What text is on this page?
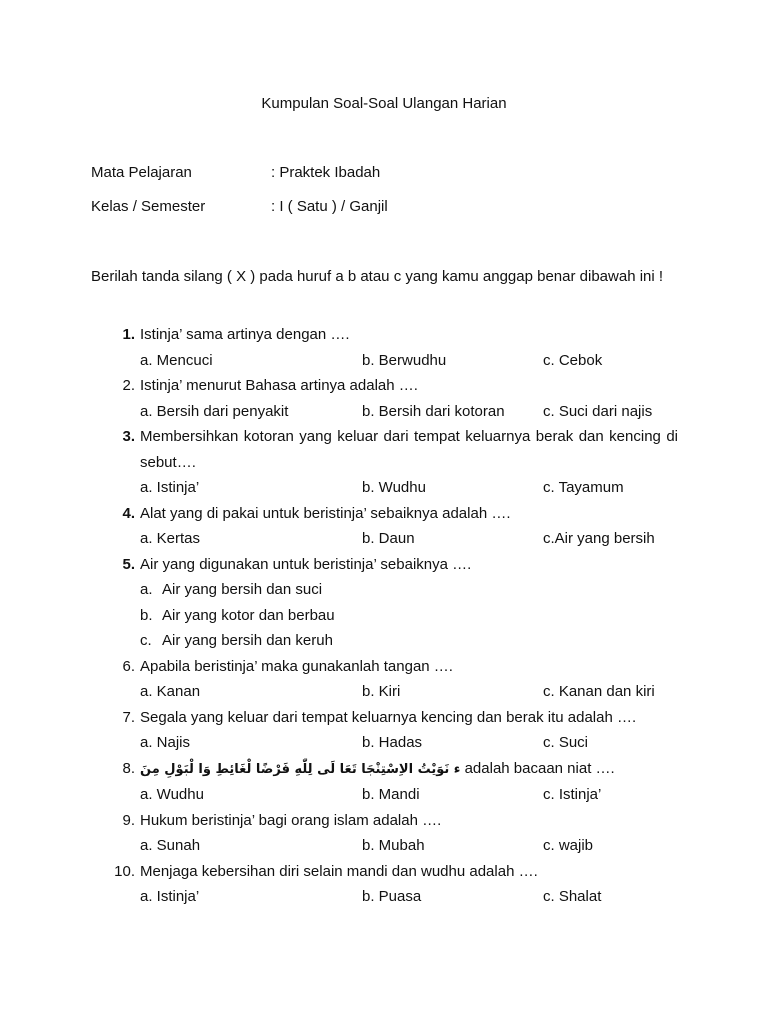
Kumpulan Soal-Soal Ulangan Harian
Mata Pelajaran	: Praktek Ibadah
Kelas / Semester	: I ( Satu ) / Ganjil
Berilah tanda silang ( X ) pada huruf a b atau c yang kamu anggap benar dibawah ini !
1. Istinja’ sama artinya dengan ….
a. Mencuci	b. Berwudhu	c. Cebok
2. Istinja’ menurut Bahasa artinya adalah ….
a. Bersih dari penyakit	b. Bersih dari kotoran	c. Suci dari najis
3. Membersihkan kotoran yang keluar dari tempat keluarnya berak dan kencing di sebut….
a. Istinja’	b. Wudhu	c. Tayamum
4. Alat yang di pakai untuk beristinja’ sebaiknya adalah ….
a. Kertas	b. Daun	c.Air yang bersih
5. Air yang digunakan untuk beristinja’ sebaiknya ….
a. Air yang bersih dan suci
b. Air yang kotor dan berbau
c. Air yang bersih dan keruh
6. Apabila beristinja’ maka gunakanlah tangan ….
a. Kanan	b. Kiri	c. Kanan dan kiri
7. Segala yang keluar dari tempat keluarnya kencing dan berak itu adalah ….
a. Najis	b. Hadas	c. Suci
8. ء نَوَيْتُ الاِسْتِنْجَا تَعَا لَى لِلّٰهِ فَرْضًا لْغَائِطِ وَا لْبَوْلِ مِنَ adalah bacaan niat ….
a. Wudhu	b. Mandi	c. Istinja’
9. Hukum beristinja’ bagi orang islam adalah ….
a. Sunah	b. Mubah	c. wajib
10. Menjaga kebersihan diri selain mandi dan wudhu adalah ….
a. Istinja’	b. Puasa	c. Shalat
